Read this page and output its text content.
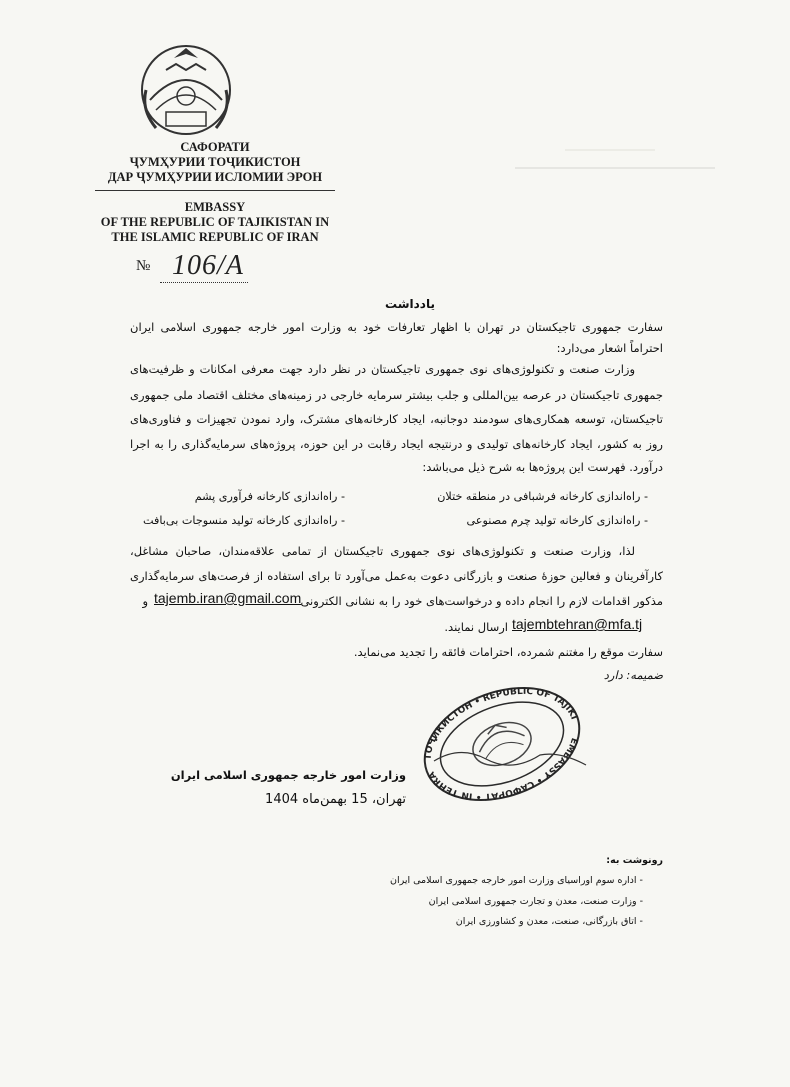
САФОРАТИ
ҶУМҲУРИИ ТОҶИКИСТОН
ДАР ҶУМҲУРИИ ИСЛОМИИ ЭРОН
EMBASSY
OF THE REPUBLIC OF TAJIKISTAN IN
THE ISLAMIC REPUBLIC OF IRAN
№ 106/A
یادداشت
سفارت جمهوری تاجیکستان در تهران با اظهار تعارفات خود به وزارت امور خارجه جمهوری اسلامی ایران
احتراماً اشعار می‌دارد:
وزارت صنعت و تکنولوژی‌های نوی جمهوری تاجیکستان در نظر دارد جهت معرفی امکانات و ظرفیت‌های
جمهوری تاجیکستان در عرصه بین‌المللی و جلب بیشتر سرمایه خارجی در زمینه‌های مختلف اقتصاد ملی جمهوری
تاجیکستان، توسعه همکاری‌های سودمند دوجانبه، ایجاد کارخانه‌های مشترک، وارد نمودن تجهیزات و فناوری‌های
روز به کشور، ایجاد کارخانه‌های تولیدی و درنتیجه ایجاد رقابت در این حوزه، پروژه‌های سرمایه‌گذاری را به اجرا
درآورد. فهرست این پروژه‌ها به شرح ذیل می‌باشد:
- راه‌اندازی کارخانه فرشبافی در منطقه ختلان
- راه‌اندازی کارخانه فرآوری پشم
- راه‌اندازی کارخانه تولید چرم مصنوعی
- راه‌اندازی کارخانه تولید منسوجات بی‌بافت
لذا، وزارت صنعت و تکنولوژی‌های نوی جمهوری تاجیکستان از تمامی علاقه‌مندان، صاحبان مشاغل،
کارآفرینان و فعالین حوزهٔ صنعت و بازرگانی دعوت به‌عمل می‌آورد تا برای استفاده از فرصت‌های سرمایه‌گذاری
مذکور اقدامات لازم را انجام داده و درخواست‌های خود را به نشانی الکترونی
tajemb.iran@gmail.com
و
ارسال نمایند. tajembtehran@mfa.tj
سفارت موقع را مغتنم شمرده، احترامات فائقه را تجدید می‌نماید.
ضمیمه: دارد
ТОҶИКИСТОН • REPUBLIC OF TAJIKISTAN
EMBASSY • САФОРАТ • IN TEHRAN
وزارت امور خارجه جمهوری اسلامی ایران
تهران، 15 بهمن‌ماه 1404
رونوشت به:
- اداره سوم اوراسیای وزارت امور خارجه جمهوری اسلامی ایران
- وزارت صنعت، معدن و تجارت جمهوری اسلامی ایران
- اتاق بازرگانی، صنعت، معدن و کشاورزی ایران
